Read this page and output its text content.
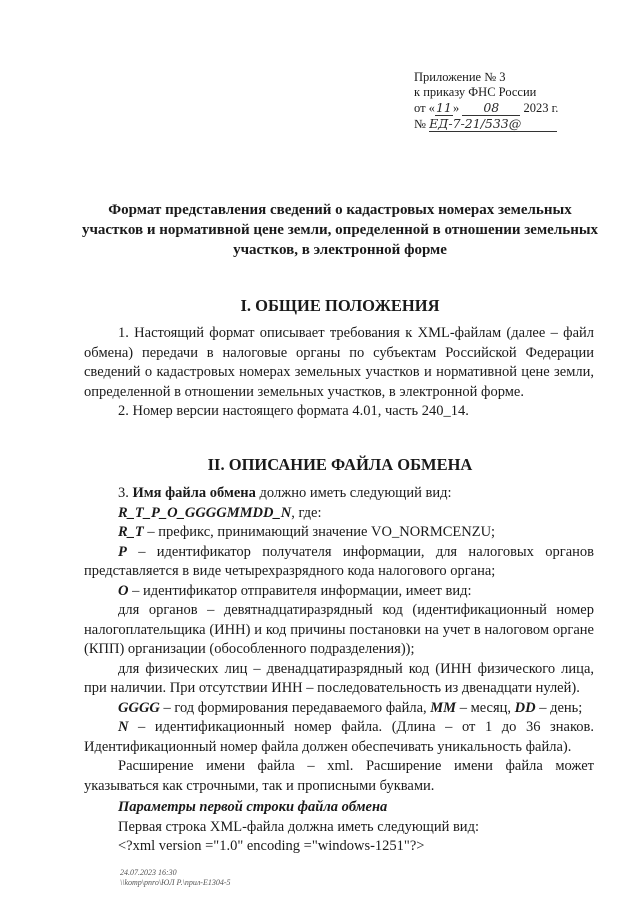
Приложение № 3
к приказу ФНС России
от «11» 08 2023 г.
№ ЕД-7-21/533@
Формат представления сведений о кадастровых номерах земельных участков и нормативной цене земли, определенной в отношении земельных участков, в электронной форме
I. ОБЩИЕ ПОЛОЖЕНИЯ

1. Настоящий формат описывает требования к XML-файлам (далее – файл обмена) передачи в налоговые органы по субъектам Российской Федерации сведений о кадастровых номерах земельных участков и нормативной цене земли, определенной в отношении земельных участков, в электронной форме.

2. Номер версии настоящего формата 4.01, часть 240_14.

II. ОПИСАНИЕ ФАЙЛА ОБМЕНА

3. Имя файла обмена должно иметь следующий вид:

R_T_P_O_GGGGMMDD_N, где:

R_T – префикс, принимающий значение VO_NORMCENZU;

P – идентификатор получателя информации, для налоговых органов представляется в виде четырехразрядного кода налогового органа;

O – идентификатор отправителя информации, имеет вид:

для органов – девятнадцатиразрядный код (идентификационный номер налогоплательщика (ИНН) и код причины постановки на учет в налоговом органе (КПП) организации (обособленного подразделения));

для физических лиц – двенадцатиразрядный код (ИНН физического лица, при наличии. При отсутствии ИНН – последовательность из двенадцати нулей).

GGGG – год формирования передаваемого файла, MM – месяц, DD – день;

N – идентификационный номер файла. (Длина – от 1 до 36 знаков. Идентификационный номер файла должен обеспечивать уникальность файла).

Расширение имени файла – xml. Расширение имени файла может указываться как строчными, так и прописными буквами.

Параметры первой строки файла обмена

Первая строка XML-файла должна иметь следующий вид:

<?xml version ="1.0" encoding ="windows-1251"?>

24.07.2023 16:30
\\komp\pnro\ЮЛ Р.\прил-Е1304-5
